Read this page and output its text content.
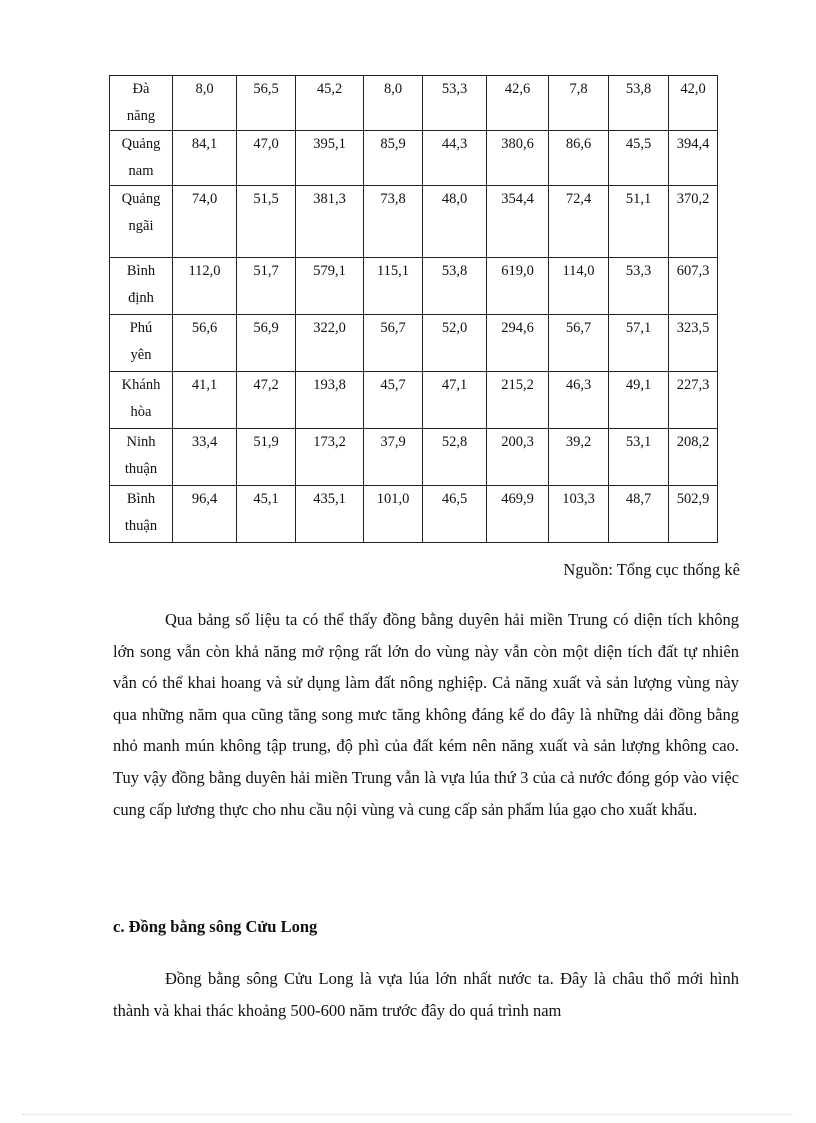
Đà
năng	8,0	56,5	45,2	8,0	53,3	42,6	7,8	53,8	42,0

Quảng
nam	84,1	47,0	395,1	85,9	44,3	380,6	86,6	45,5	394,4

Quảng
ngãi	74,0	51,5	381,3	73,8	48,0	354,4	72,4	51,1	370,2

Bình
định	112,0	51,7	579,1	115,1	53,8	619,0	114,0	53,3	607,3

Phú
yên	56,6	56,9	322,0	56,7	52,0	294,6	56,7	57,1	323,5

Khánh
hòa	41,1	47,2	193,8	45,7	47,1	215,2	46,3	49,1	227,3

Ninh
thuận	33,4	51,9	173,2	37,9	52,8	200,3	39,2	53,1	208,2

Bình
thuận	96,4	45,1	435,1	101,0	46,5	469,9	103,3	48,7	502,9
Nguồn: Tổng cục thống kê
Qua bảng số liệu ta có thể thấy đồng bằng duyên hải miền Trung có diện tích không lớn song vẫn còn khả năng mở rộng rất lớn do vùng này vẫn còn một diện tích đất tự nhiên vẫn có thể khai hoang và sử dụng làm đất nông nghiệp. Cả năng xuất và sản lượng vùng này qua những năm qua cũng tăng song mưc tăng không đáng kể do đây là những dải đồng bằng nhỏ manh mún không tập trung, độ phì của đất kém nên năng xuất và sản lượng không cao. Tuy vậy đồng bằng duyên hải miền Trung vẫn là vựa lúa thứ 3 của cả nước đóng góp vào việc cung cấp lương thực cho nhu cầu nội vùng và cung cấp sản phẩm lúa gạo cho xuất khẩu.
c. Đồng bằng sông Cửu Long
Đồng bằng sông Cửu Long là vựa lúa lớn nhất nước ta. Đây là châu thổ mới hình thành và khai thác khoảng 500-600 năm trước đây do quá trình nam
